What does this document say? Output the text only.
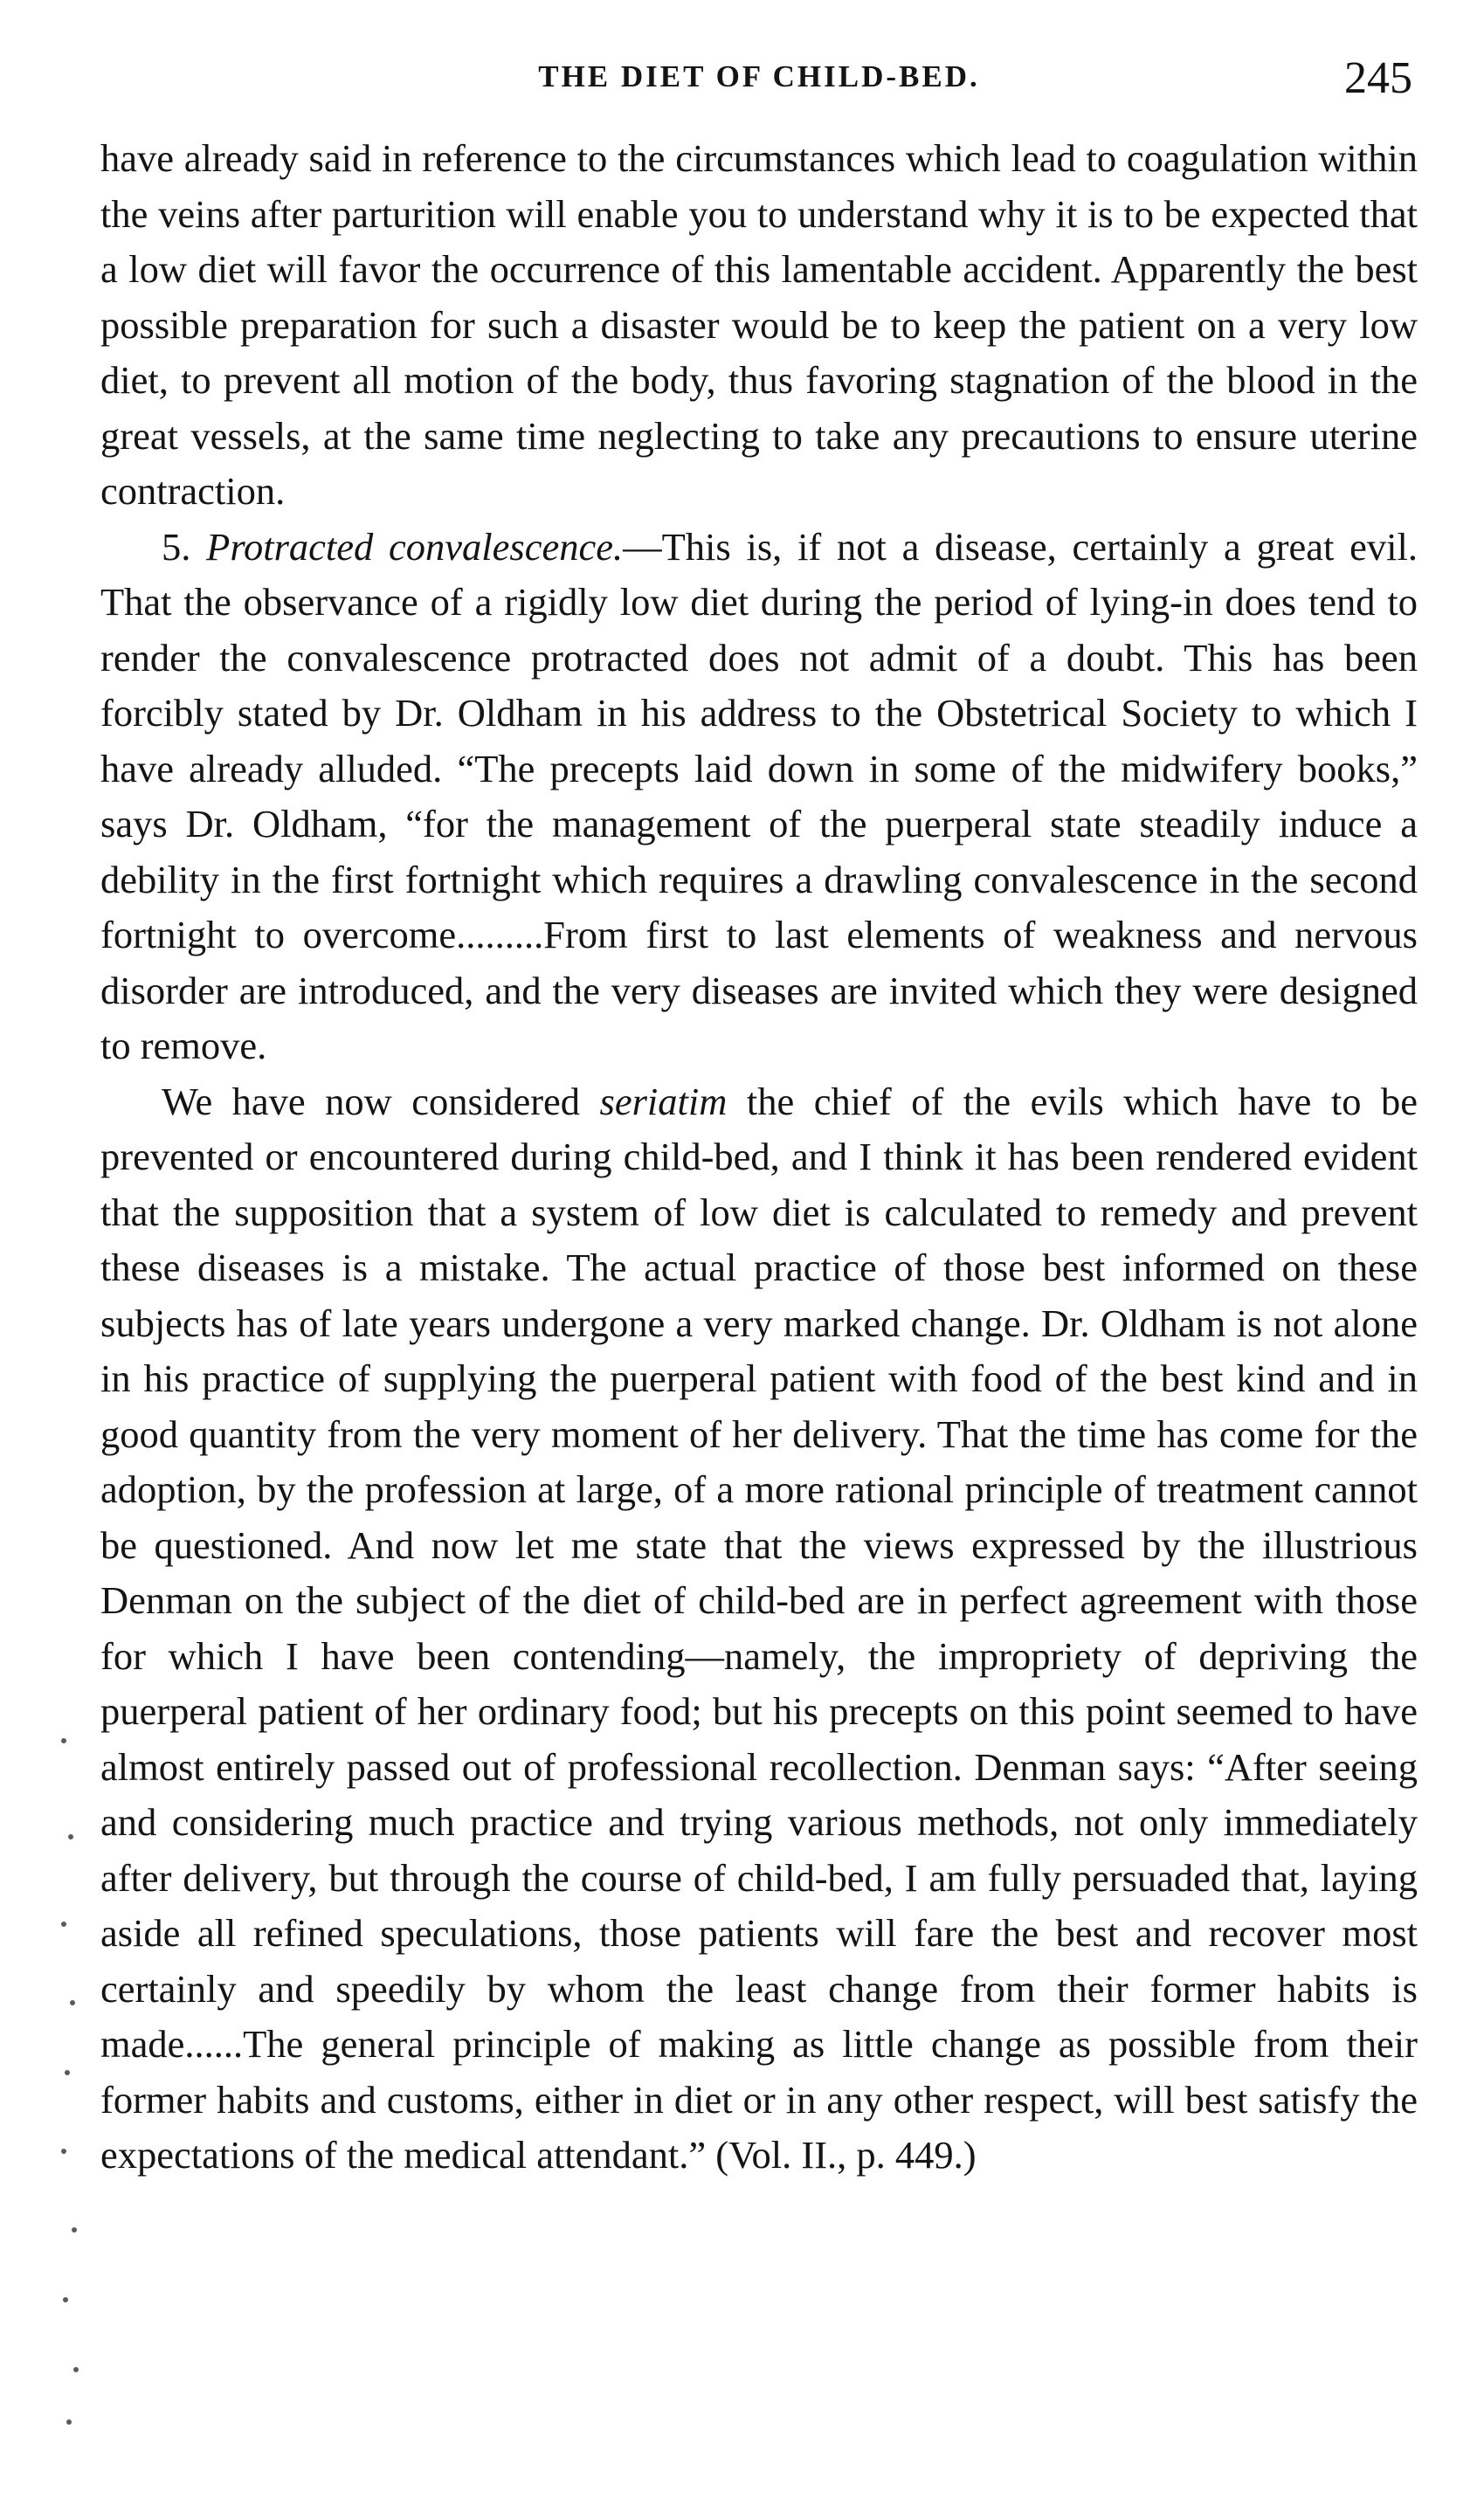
THE DIET OF CHILD-BED.	245

have already said in reference to the circumstances which lead to coagulation within the veins after parturition will enable you to understand why it is to be expected that a low diet will favor the occurrence of this lamentable accident. Apparently the best possible preparation for such a disaster would be to keep the patient on a very low diet, to prevent all motion of the body, thus favoring stagnation of the blood in the great vessels, at the same time neglecting to take any precautions to ensure uterine contraction.

5. Protracted convalescence.—This is, if not a disease, certainly a great evil. That the observance of a rigidly low diet during the period of lying-in does tend to render the convalescence protracted does not admit of a doubt. This has been forcibly stated by Dr. Oldham in his address to the Obstetrical Society to which I have already alluded. “The precepts laid down in some of the midwifery books,” says Dr. Oldham, “for the management of the puerperal state steadily induce a debility in the first fortnight which requires a drawling convalescence in the second fortnight to overcome.........From first to last elements of weakness and nervous disorder are introduced, and the very diseases are invited which they were designed to remove.

We have now considered seriatim the chief of the evils which have to be prevented or encountered during child-bed, and I think it has been rendered evident that the supposition that a system of low diet is calculated to remedy and prevent these diseases is a mistake. The actual practice of those best informed on these subjects has of late years undergone a very marked change. Dr. Oldham is not alone in his practice of supplying the puerperal patient with food of the best kind and in good quantity from the very moment of her delivery. That the time has come for the adoption, by the profession at large, of a more rational principle of treatment cannot be questioned. And now let me state that the views expressed by the illustrious Denman on the subject of the diet of child-bed are in perfect agreement with those for which I have been contending—namely, the impropriety of depriving the puerperal patient of her ordinary food; but his precepts on this point seemed to have almost entirely passed out of professional recollection. Denman says: “After seeing and considering much practice and trying various methods, not only immediately after delivery, but through the course of child-bed, I am fully persuaded that, laying aside all refined speculations, those patients will fare the best and recover most certainly and speedily by whom the least change from their former habits is made......The general principle of making as little change as possible from their former habits and customs, either in diet or in any other respect, will best satisfy the expectations of the medical attendant.” (Vol. II., p. 449.)
